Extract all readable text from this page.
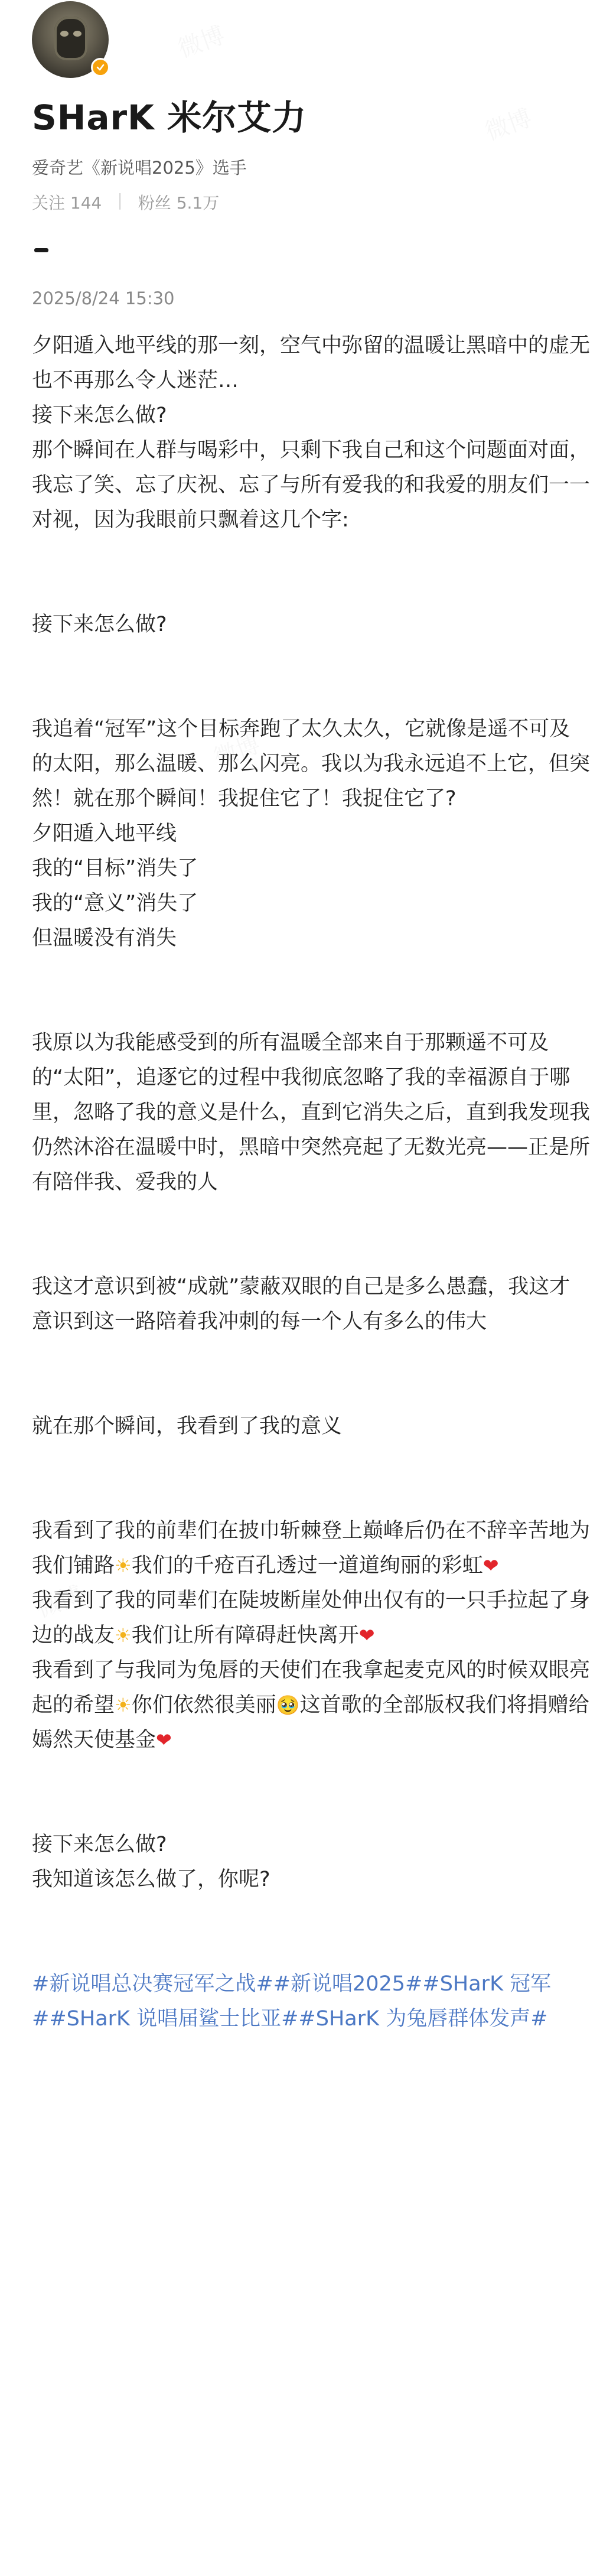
SHarK 米尔艾力
爱奇艺《新说唱2025》选手
关注 144 | 粉丝 5.1万
2025/8/24 15:30

夕阳遁入地平线的那一刻，空气中弥留的温暖让黑暗中的虚无也不再那么令人迷茫…

接下来怎么做?

那个瞬间在人群与喝彩中，只剩下我自己和这个问题面对面，我忘了笑、忘了庆祝、忘了与所有爱我的和我爱的朋友们一一对视，因为我眼前只飘着这几个字:

接下来怎么做?

我追着“冠军”这个目标奔跑了太久太久，它就像是遥不可及的太阳，那么温暖、那么闪亮。我以为我永远追不上它，但突然！就在那个瞬间！我捉住它了！我捉住它了?

夕阳遁入地平线

我的“目标”消失了

我的“意义”消失了

但温暖没有消失

我原以为我能感受到的所有温暖全部来自于那颗遥不可及的“太阳”，追逐它的过程中我彻底忽略了我的幸福源自于哪里，忽略了我的意义是什么，直到它消失之后，直到我发现我仍然沐浴在温暖中时，黑暗中突然亮起了无数光亮——正是所有陪伴我、爱我的人

我这才意识到被“成就”蒙蔽双眼的自己是多么愚蠢，我这才意识到这一路陪着我冲刺的每一个人有多么的伟大

就在那个瞬间，我看到了我的意义

我看到了我的前辈们在披巾斩棘登上巅峰后仍在不辞辛苦地为我们铺路☀我们的千疮百孔透过一道道绚丽的彩虹❤

我看到了我的同辈们在陡坡断崖处伸出仅有的一只手拉起了身边的战友☀我们让所有障碍赶快离开❤

我看到了与我同为兔唇的天使们在我拿起麦克风的时候双眼亮起的希望☀你们依然很美丽🥹这首歌的全部版权我们将捐赠给嫣然天使基金❤

接下来怎么做?

我知道该怎么做了，你呢?

#新说唱总决赛冠军之战##新说唱2025##SHarK 冠军##SHarK 说唱届鲨士比亚##SHarK 为兔唇群体发声#
